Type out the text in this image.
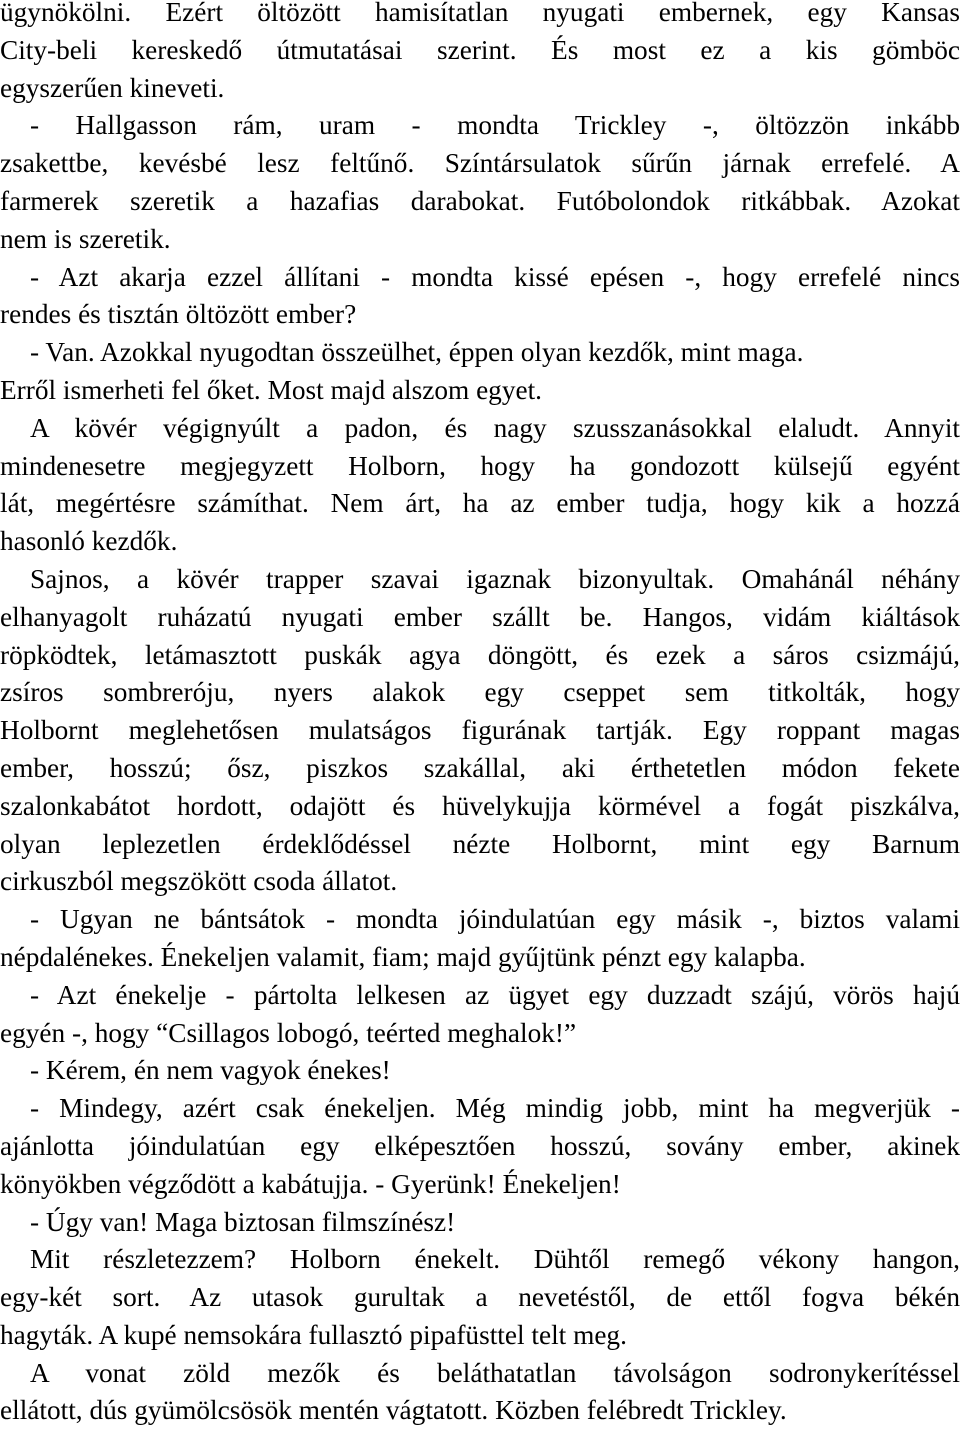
ügynökölni. Ezért öltözött hamisítatlan nyugati embernek, egy Kansas
City-beli kereskedő útmutatásai szerint. És most ez a kis gömböc
egyszerűen kineveti.
- Hallgasson rám, uram - mondta Trickley -, öltözzön inkább
zsakettbe, kevésbé lesz feltűnő. Színtársulatok sűrűn járnak errefelé. A
farmerek szeretik a hazafias darabokat. Futóbolondok ritkábbak. Azokat
nem is szeretik.
- Azt akarja ezzel állítani - mondta kissé epésen -, hogy errefelé nincs
rendes és tisztán öltözött ember?
- Van. Azokkal nyugodtan összeülhet, éppen olyan kezdők, mint maga.
Erről ismerheti fel őket. Most majd alszom egyet.
A kövér végignyúlt a padon, és nagy szusszanásokkal elaludt. Annyit
mindenesetre megjegyzett Holborn, hogy ha gondozott külsejű egyént
lát, megértésre számíthat. Nem árt, ha az ember tudja, hogy kik a hozzá
hasonló kezdők.
Sajnos, a kövér trapper szavai igaznak bizonyultak. Omahánál néhány
elhanyagolt ruházatú nyugati ember szállt be. Hangos, vidám kiáltások
röpködtek, letámasztott puskák agya döngött, és ezek a sáros csizmájú,
zsíros sombreróju, nyers alakok egy cseppet sem titkolták, hogy
Holbornt meglehetősen mulatságos figurának tartják. Egy roppant magas
ember, hosszú; ősz, piszkos szakállal, aki érthetetlen módon fekete
szalonkabátot hordott, odajött és hüvelykujja körmével a fogát piszkálva,
olyan leplezetlen érdeklődéssel nézte Holbornt, mint egy Barnum
cirkuszból megszökött csoda állatot.
- Ugyan ne bántsátok - mondta jóindulatúan egy másik -, biztos valami
népdalénekes. Énekeljen valamit, fiam; majd gyűjtünk pénzt egy kalapba.
- Azt énekelje - pártolta lelkesen az ügyet egy duzzadt szájú, vörös hajú
egyén -, hogy “Csillagos lobogó, teérted meghalok!”
- Kérem, én nem vagyok énekes!
- Mindegy, azért csak énekeljen. Még mindig jobb, mint ha megverjük -
ajánlotta jóindulatúan egy elképesztően hosszú, sovány ember, akinek
könyökben végződött a kabátujja. - Gyerünk! Énekeljen!
- Úgy van! Maga biztosan filmszínész!
Mit részletezzem? Holborn énekelt. Dühtől remegő vékony hangon,
egy-két sort. Az utasok gurultak a nevetéstől, de ettől fogva békén
hagyták. A kupé nemsokára fullasztó pipafüsttel telt meg.
A vonat zöld mezők és beláthatatlan távolságon sodronykerítéssel
ellátott, dús gyümölcsösök mentén vágtatott. Közben felébredt Trickley.
